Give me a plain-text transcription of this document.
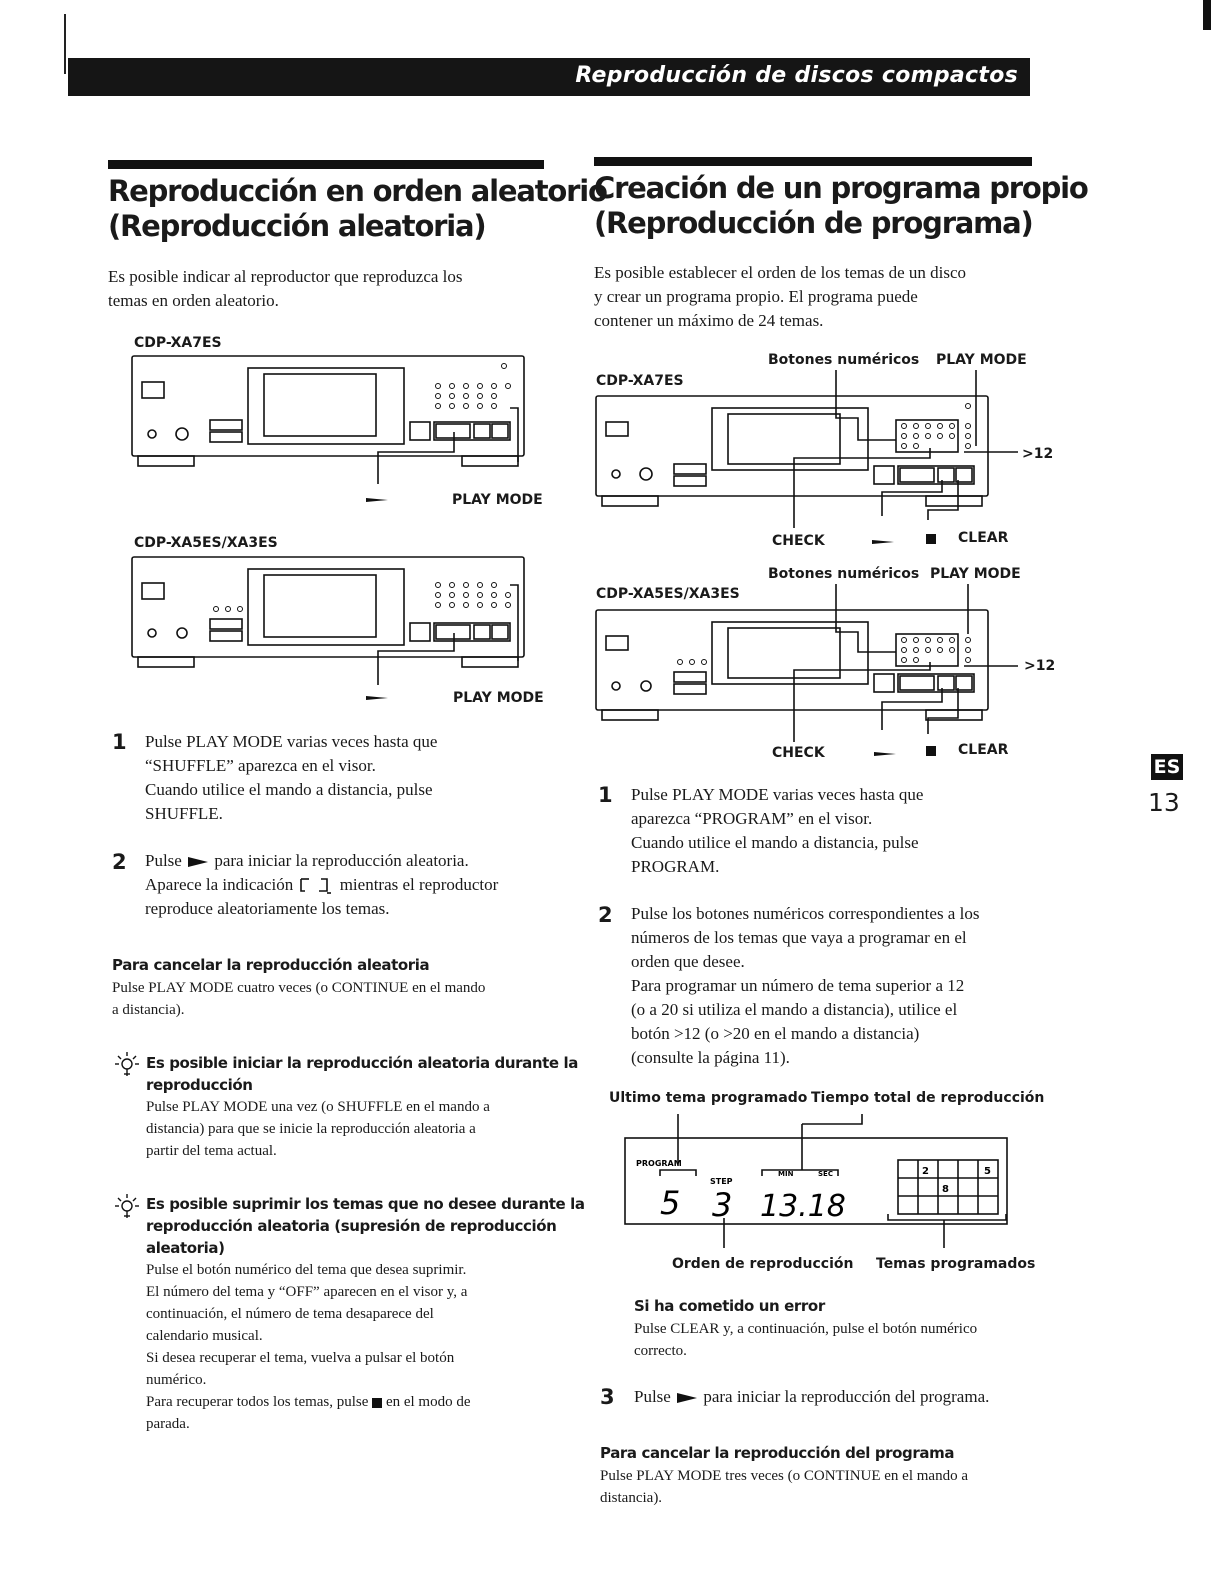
Reproducción de discos compactos
Reproducción en orden aleatorio
(Reproducción aleatoria)
Es posible indicar al reproductor que reproduzca los
temas en orden aleatorio.
CDP-XA7ES
PLAY MODE
CDP-XA5ES/XA3ES
PLAY MODE
1 Pulse PLAY MODE varias veces hasta que
“SHUFFLE” aparezca en el visor.
Cuando utilice el mando a distancia, pulse
SHUFFLE.
2 Pulse para iniciar la reproducción aleatoria.
Aparece la indicación	mientras el reproductor
reproduce aleatoriamente los temas.
Para cancelar la reproducción aleatoria
Pulse PLAY MODE cuatro veces (o CONTINUE en el mando
a distancia).
Es posible iniciar la reproducción aleatoria durante la
reproducción
Pulse PLAY MODE una vez (o SHUFFLE en el mando a
distancia) para que se inicie la reproducción aleatoria a
partir del tema actual.
Es posible suprimir los temas que no desee durante la
reproducción aleatoria (supresión de reproducción
aleatoria)
Pulse el botón numérico del tema que desea suprimir.
El número del tema y “OFF” aparecen en el visor y, a
continuación, el número de tema desaparece del
calendario musical.
Si desea recuperar el tema, vuelva a pulsar el botón
numérico.
Para recuperar todos los temas, pulse en el modo de
parada.
Creación de un programa propio
(Reproducción de programa)
Es posible establecer el orden de los temas de un disco
y crear un programa propio. El programa puede
contener un máximo de 24 temas.
Botones numéricos PLAY MODE
CDP-XA7ES
>12
CHECK	CLEAR
Botones numéricos PLAY MODE
CDP-XA5ES/XA3ES
>12
CHECK	CLEAR
1 Pulse PLAY MODE varias veces hasta que
aparezca “PROGRAM” en el visor.
Cuando utilice el mando a distancia, pulse
PROGRAM.
2 Pulse los botones numéricos correspondientes a los
números de los temas que vaya a programar en el
orden que desee.
Para programar un número de tema superior a 12
(o a 20 si utiliza el mando a distancia), utilice el
botón >12 (o >20 en el mando a distancia)
(consulte la página 11).
Ultimo tema programado Tiempo total de reproducción
PROGRAM
STEP
MIN	SEC
5 3 13.18
2	5
8
Orden de reproducción Temas programados
Si ha cometido un error
Pulse CLEAR y, a continuación, pulse el botón numérico
correcto.
3 Pulse para iniciar la reproducción del programa.
Para cancelar la reproducción del programa
Pulse PLAY MODE tres veces (o CONTINUE en el mando a
distancia).
ES
13
